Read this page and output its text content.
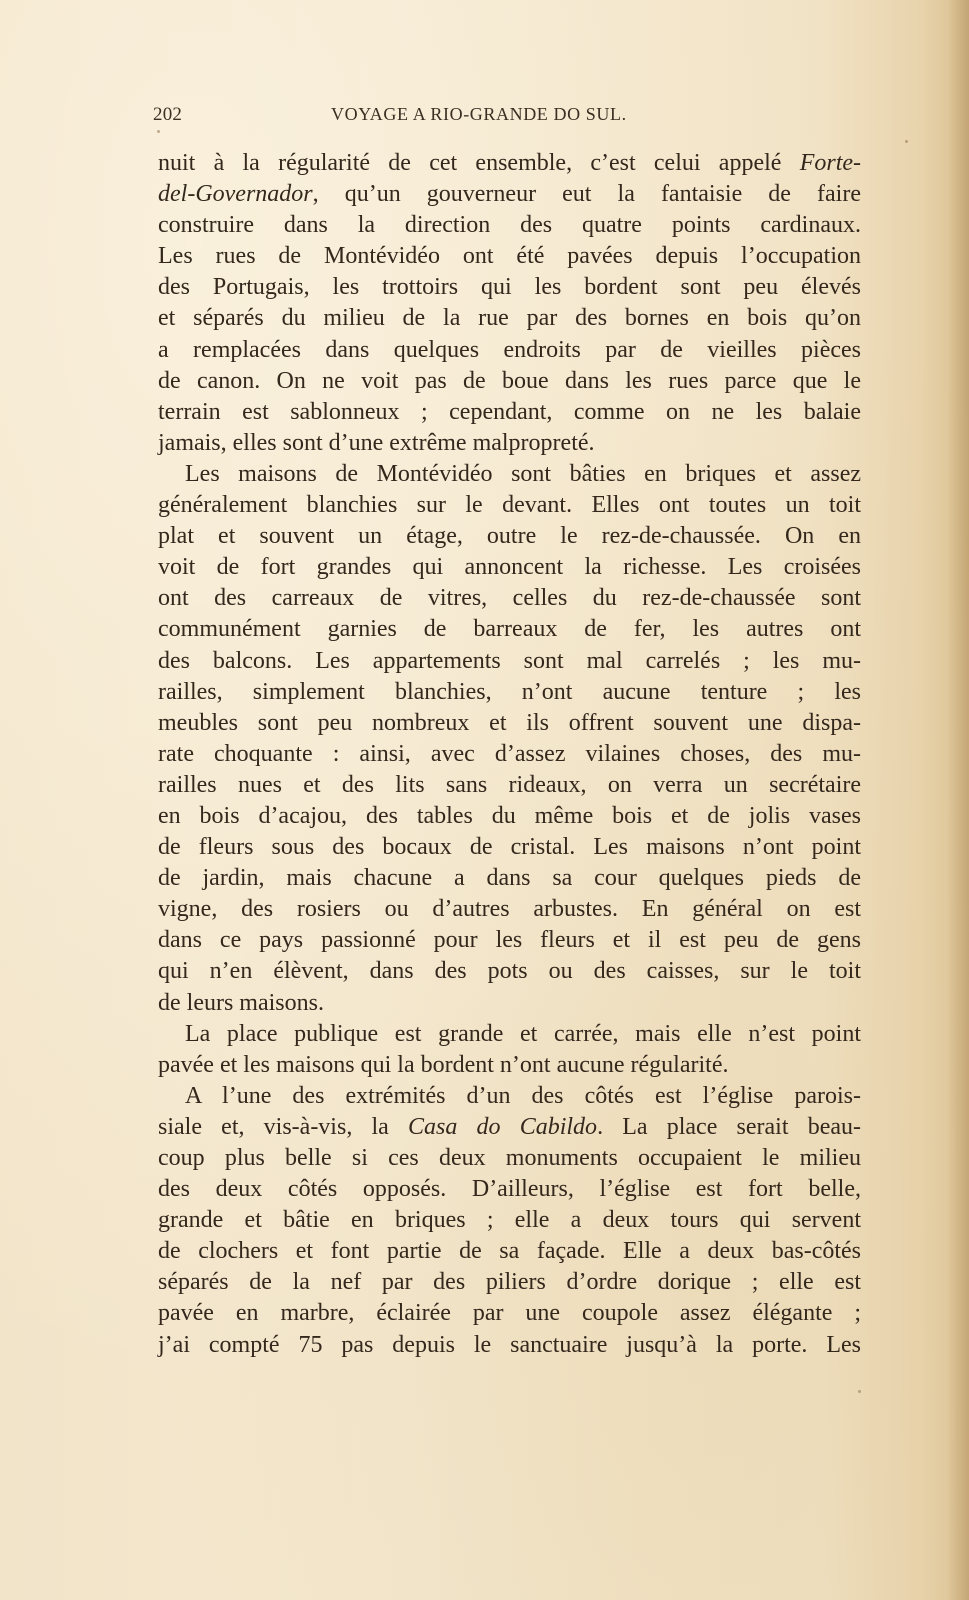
202	VOYAGE A RIO-GRANDE DO SUL.
nuit à la régularité de cet ensemble, c’est celui appelé Forte-
del-Governador, qu’un gouverneur eut la fantaisie de faire
construire dans la direction des quatre points cardinaux.
Les rues de Montévidéo ont été pavées depuis l’occupation
des Portugais, les trottoirs qui les bordent sont peu élevés
et séparés du milieu de la rue par des bornes en bois qu’on
a remplacées dans quelques endroits par de vieilles pièces
de canon. On ne voit pas de boue dans les rues parce que le
terrain est sablonneux ; cependant, comme on ne les balaie
jamais, elles sont d’une extrême malpropreté.
Les maisons de Montévidéo sont bâties en briques et assez
généralement blanchies sur le devant. Elles ont toutes un toit
plat et souvent un étage, outre le rez-de-chaussée. On en
voit de fort grandes qui annoncent la richesse. Les croisées
ont des carreaux de vitres, celles du rez-de-chaussée sont
communément garnies de barreaux de fer, les autres ont
des balcons. Les appartements sont mal carrelés ; les mu-
railles, simplement blanchies, n’ont aucune tenture ; les
meubles sont peu nombreux et ils offrent souvent une dispa-
rate choquante : ainsi, avec d’assez vilaines choses, des mu-
railles nues et des lits sans rideaux, on verra un secrétaire
en bois d’acajou, des tables du même bois et de jolis vases
de fleurs sous des bocaux de cristal. Les maisons n’ont point
de jardin, mais chacune a dans sa cour quelques pieds de
vigne, des rosiers ou d’autres arbustes. En général on est
dans ce pays passionné pour les fleurs et il est peu de gens
qui n’en élèvent, dans des pots ou des caisses, sur le toit
de leurs maisons.
La place publique est grande et carrée, mais elle n’est point
pavée et les maisons qui la bordent n’ont aucune régularité.
A l’une des extrémités d’un des côtés est l’église parois-
siale et, vis-à-vis, la Casa do Cabildo. La place serait beau-
coup plus belle si ces deux monuments occupaient le milieu
des deux côtés opposés. D’ailleurs, l’église est fort belle,
grande et bâtie en briques ; elle a deux tours qui servent
de clochers et font partie de sa façade. Elle a deux bas-côtés
séparés de la nef par des piliers d’ordre dorique ; elle est
pavée en marbre, éclairée par une coupole assez élégante ;
j’ai compté 75 pas depuis le sanctuaire jusqu’à la porte. Les
